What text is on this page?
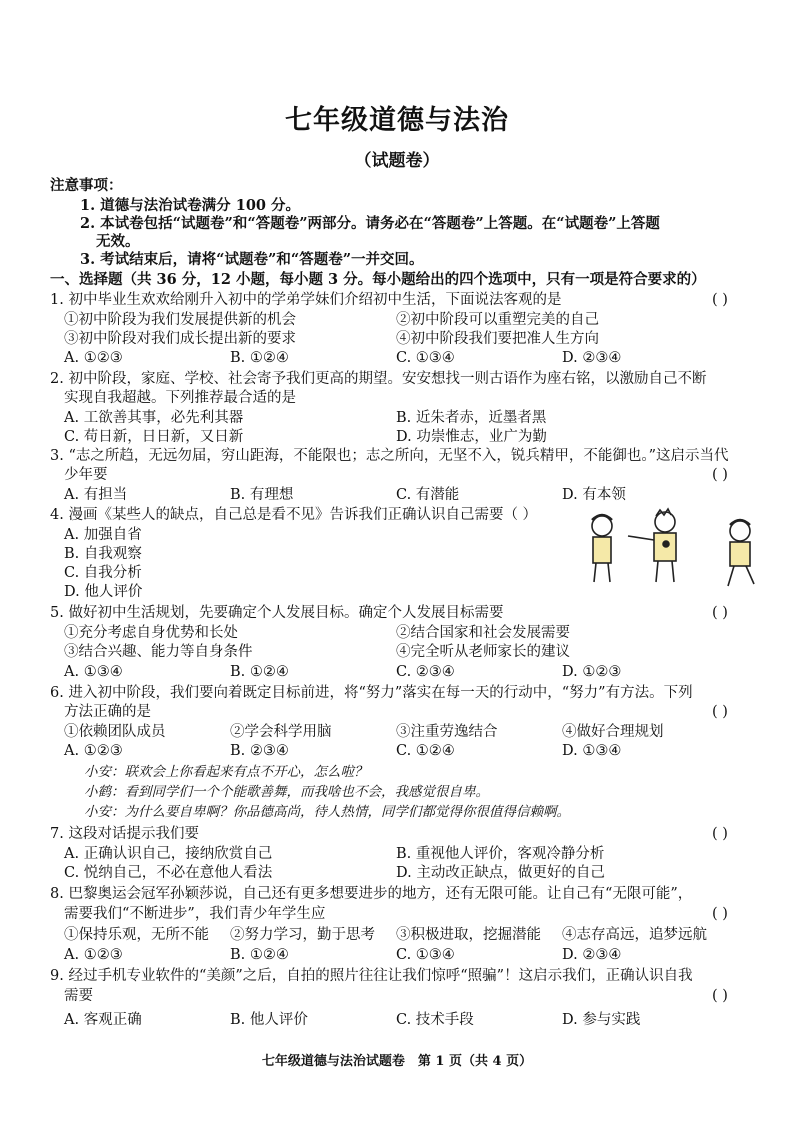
七年级道德与法治
（试题卷）
注意事项：
1. 道德与法治试卷满分 100 分。
2. 本试卷包括“试题卷”和“答题卷”两部分。请务必在“答题卷”上答题。在“试题卷”上答题
无效。
3. 考试结束后，请将“试题卷”和“答题卷”一并交回。
一、选择题（共 36 分，12 小题，每小题 3 分。每小题给出的四个选项中，只有一项是符合要求的）
1. 初中毕业生欢欢给刚升入初中的学弟学妹们介绍初中生活，下面说法客观的是	( )
①初中阶段为我们发展提供新的机会	②初中阶段可以重塑完美的自己
③初中阶段对我们成长提出新的要求	④初中阶段我们要把准人生方向
A. ①②③	B. ①②④	C. ①③④	D. ②③④
2. 初中阶段，家庭、学校、社会寄予我们更高的期望。安安想找一则古语作为座右铭，以激励自己不断
实现自我超越。下列推荐最合适的是
A. 工欲善其事，必先利其器	B. 近朱者赤，近墨者黑
C. 苟日新，日日新，又日新	D. 功崇惟志，业广为勤
3. “志之所趋，无远勿届，穷山距海，不能限也；志之所向，无坚不入，锐兵精甲，不能御也。”这启示当代
少年要	( )
A. 有担当	B. 有理想	C. 有潜能	D. 有本领
4. 漫画《某些人的缺点，自己总是看不见》告诉我们正确认识自己需要（ ）
A. 加强自省
B. 自我观察
C. 自我分析
D. 他人评价
5. 做好初中生活规划，先要确定个人发展目标。确定个人发展目标需要	( )
①充分考虑自身优势和长处	②结合国家和社会发展需要
③结合兴趣、能力等自身条件	④完全听从老师家长的建议
A. ①③④	B. ①②④	C. ②③④	D. ①②③
6. 进入初中阶段，我们要向着既定目标前进，将“努力”落实在每一天的行动中，“努力”有方法。下列
方法正确的是	( )
①依赖团队成员	②学会科学用脑	③注重劳逸结合	④做好合理规划
A. ①②③	B. ②③④	C. ①②④	D. ①③④
小安：联欢会上你看起来有点不开心，怎么啦？
小鹤：看到同学们一个个能歌善舞，而我啥也不会，我感觉很自卑。
小安：为什么要自卑啊？你品德高尚，待人热情，同学们都觉得你很值得信赖啊。
7. 这段对话提示我们要	( )
A. 正确认识自己，接纳欣赏自己	B. 重视他人评价，客观冷静分析
C. 悦纳自己，不必在意他人看法	D. 主动改正缺点，做更好的自己
8. 巴黎奥运会冠军孙颖莎说，自己还有更多想要进步的地方，还有无限可能。让自己有“无限可能”，
需要我们“不断进步”，我们青少年学生应	( )
①保持乐观，无所不能 ②努力学习，勤于思考 ③积极进取，挖掘潜能 ④志存高远，追梦远航
A. ①②③	B. ①②④	C. ①③④	D. ②③④
9. 经过手机专业软件的“美颜”之后，自拍的照片往往让我们惊呼“照骗”！这启示我们，正确认识自我
需要	( )
A. 客观正确	B. 他人评价	C. 技术手段	D. 参与实践
七年级道德与法治试题卷　第 1 页（共 4 页）
